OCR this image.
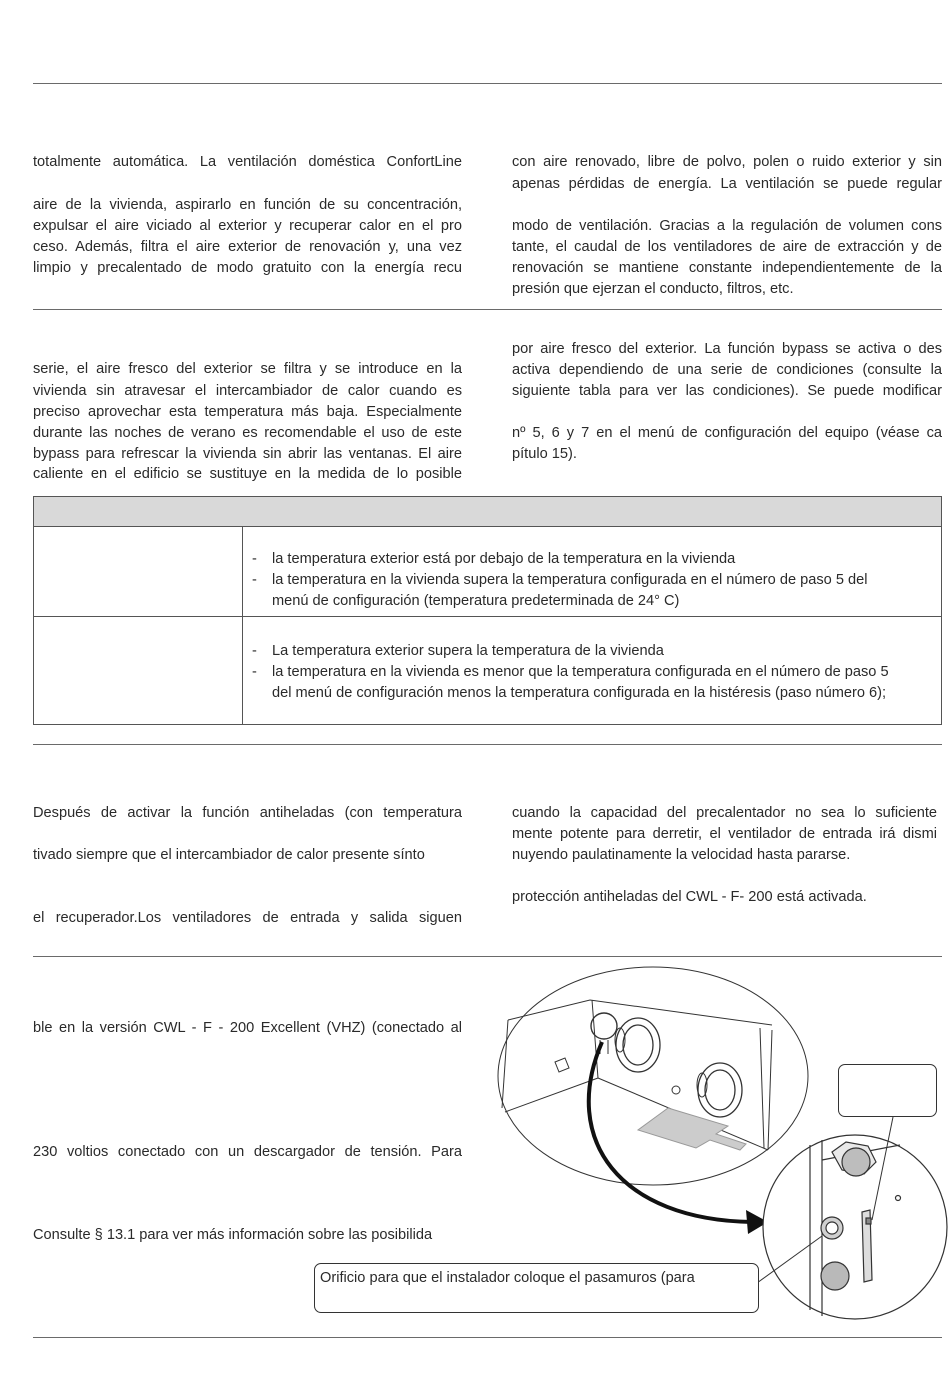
totalmente automática. La ventilación doméstica ConfortLine
aire de la vivienda, aspirarlo en función de su concentración,
expulsar el aire viciado al exterior y recuperar calor en el pro
ceso. Además, filtra el aire exterior de renovación y, una vez
limpio y precalentado de modo gratuito con la energía recu
con aire renovado, libre de polvo, polen o ruido exterior y sin
apenas pérdidas de energía. La ventilación se puede regular
modo de ventilación. Gracias a la regulación de volumen cons
tante, el caudal de los ventiladores de aire de extracción y de
renovación se mantiene constante independientemente de la
presión que ejerzan el conducto, filtros, etc.
serie, el aire fresco del exterior se filtra y se introduce en la
vivienda sin atravesar el intercambiador de calor cuando es
preciso aprovechar esta temperatura más baja. Especialmente
durante las noches de verano es recomendable el uso de este
bypass para refrescar la vivienda sin abrir las ventanas. El aire
caliente en el edificio se sustituye en la medida de lo posible
por aire fresco del exterior. La función bypass se activa o des
activa dependiendo de una serie de condiciones (consulte la
siguiente tabla para ver las condiciones). Se puede modificar
nº 5, 6 y 7 en el menú de configuración del equipo (véase ca
pítulo 15).
- la temperatura exterior está por debajo de la temperatura en la vivienda
- la temperatura en la vivienda supera la temperatura configurada en el número de paso 5 del
menú de configuración (temperatura predeterminada de 24° C)
- La temperatura exterior supera la temperatura de la vivienda
- la temperatura en la vivienda es menor que la temperatura configurada en el número de paso 5
del menú de configuración menos la temperatura configurada en la histéresis (paso número 6);
Después de activar la función antiheladas (con temperatura
tivado siempre que el intercambiador de calor presente sínto
el recuperador.Los ventiladores de entrada y salida siguen
cuando la capacidad del precalentador no sea lo suficiente
mente potente para derretir, el ventilador de entrada irá dismi
nuyendo paulatinamente la velocidad hasta pararse.
protección antiheladas del CWL - F- 200 está activada.
ble en la versión CWL - F - 200 Excellent (VHZ) (conectado al
230 voltios conectado con un descargador de tensión. Para
Consulte § 13.1 para ver más información sobre las posibilida
Orificio para que el instalador coloque el pasamuros (para
